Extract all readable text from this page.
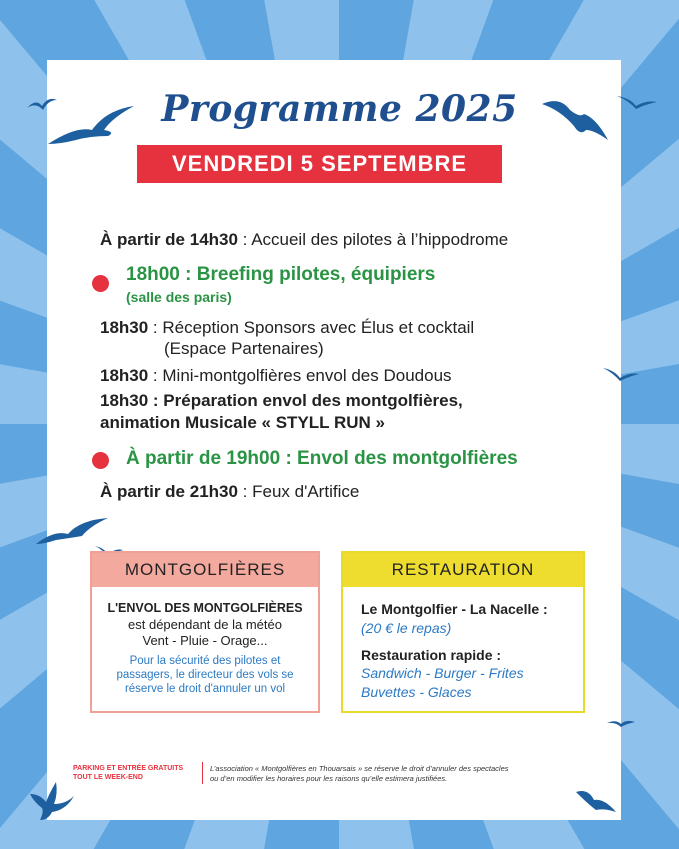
Programme 2025
VENDREDI 5 SEPTEMBRE
À partir de 14h30 : Accueil des pilotes à l’hippodrome
18h00 : Breefing pilotes, équipiers
(salle des paris)
18h30 : Réception Sponsors avec Élus et cocktail
(Espace Partenaires)
18h30 : Mini-montgolfières envol des Doudous
18h30 : Préparation envol des montgolfières,
animation Musicale « STYLL RUN »
À partir de 19h00 : Envol des montgolfières
À partir de 21h30 : Feux d'Artifice
MONTGOLFIÈRES
L'ENVOL DES MONTGOLFIÈRES
est dépendant de la météo
Vent - Pluie - Orage...
Pour la sécurité des pilotes et
passagers, le directeur des vols se
réserve le droit d'annuler un vol
RESTAURATION
Le Montgolfier - La Nacelle :
(20 € le repas)
Restauration rapide :
Sandwich - Burger - Frites
Buvettes - Glaces
PARKING ET ENTRÉE GRATUITS
TOUT LE WEEK-END
L’association « Montgolfières en Thouarsais » se réserve le droit d’annuler des spectacles
ou d’en modifier les horaires pour les raisons qu’elle estimera justifiées.
